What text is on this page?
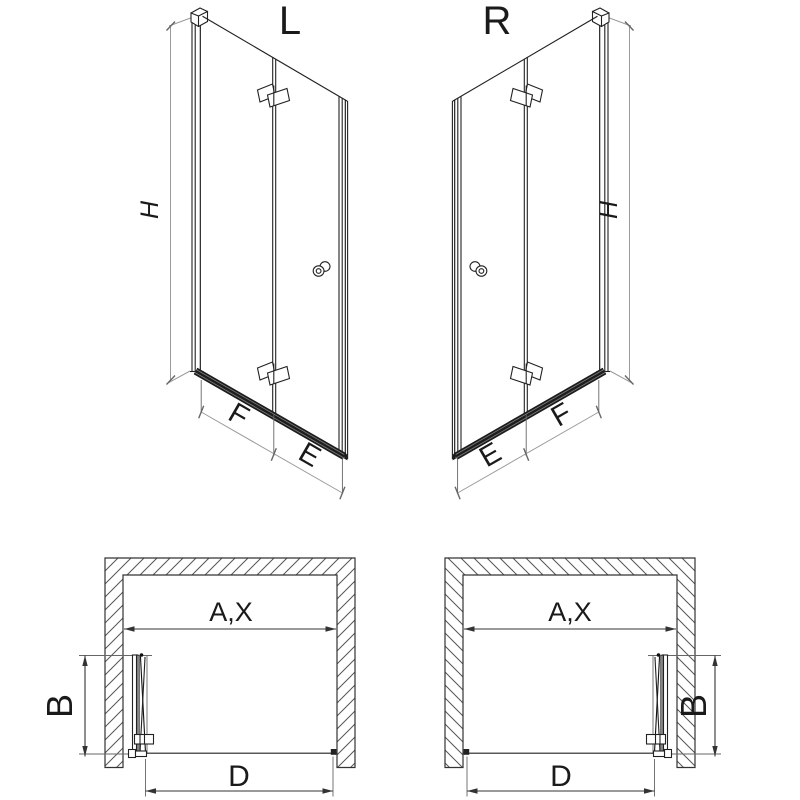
L
H
F
E
R
H
E
F
A,X
B
D
A,X
B
D
